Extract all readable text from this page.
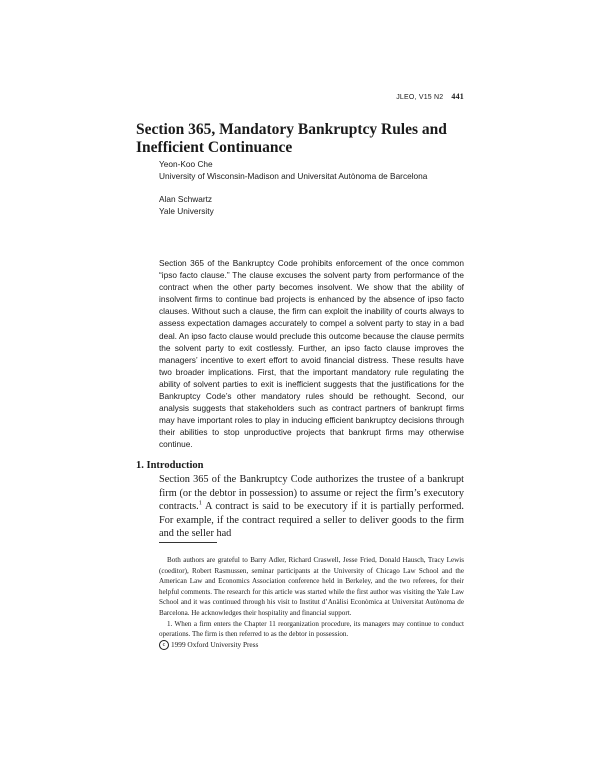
JLEO, V15 N2 441
Section 365, Mandatory Bankruptcy Rules and Inefficient Continuance
Yeon-Koo Che
University of Wisconsin-Madison and Universitat Autònoma de Barcelona
Alan Schwartz
Yale University

Section 365 of the Bankruptcy Code prohibits enforcement of the once common “ipso facto clause.” The clause excuses the solvent party from performance of the contract when the other party becomes insolvent. We show that the ability of insolvent firms to continue bad projects is enhanced by the absence of ipso facto clauses. Without such a clause, the firm can exploit the inability of courts always to assess expectation damages accurately to compel a solvent party to stay in a bad deal. An ipso facto clause would preclude this outcome because the clause permits the solvent party to exit costlessly. Further, an ipso facto clause improves the managers’ incentive to exert effort to avoid financial distress. These results have two broader implications. First, that the important mandatory rule regulating the ability of solvent parties to exit is inefficient suggests that the justifications for the Bankruptcy Code’s other mandatory rules should be rethought. Second, our analysis suggests that stakeholders such as contract partners of bankrupt firms may have important roles to play in inducing efficient bankruptcy decisions through their abilities to stop unproductive projects that bankrupt firms may otherwise continue.

1. Introduction

Section 365 of the Bankruptcy Code authorizes the trustee of a bankrupt firm (or the debtor in possession) to assume or reject the firm’s executory contracts.$^1$ A contract is said to be executory if it is partially performed. For example, if the contract required a seller to deliver goods to the firm and the seller had

Both authors are grateful to Barry Adler, Richard Craswell, Jesse Fried, Donald Hausch, Tracy Lewis (coeditor), Robert Rasmussen, seminar participants at the University of Chicago Law School and the American Law and Economics Association conference held in Berkeley, and the two referees, for their helpful comments. The research for this article was started while the first author was visiting the Yale Law School and it was continued through his visit to Institut d’Anàlisi Econòmica at Universitat Autònoma de Barcelona. He acknowledges their hospitality and financial support.

1. When a firm enters the Chapter 11 reorganization procedure, its managers may continue to conduct operations. The firm is then referred to as the debtor in possession.

c 1999 Oxford University Press
